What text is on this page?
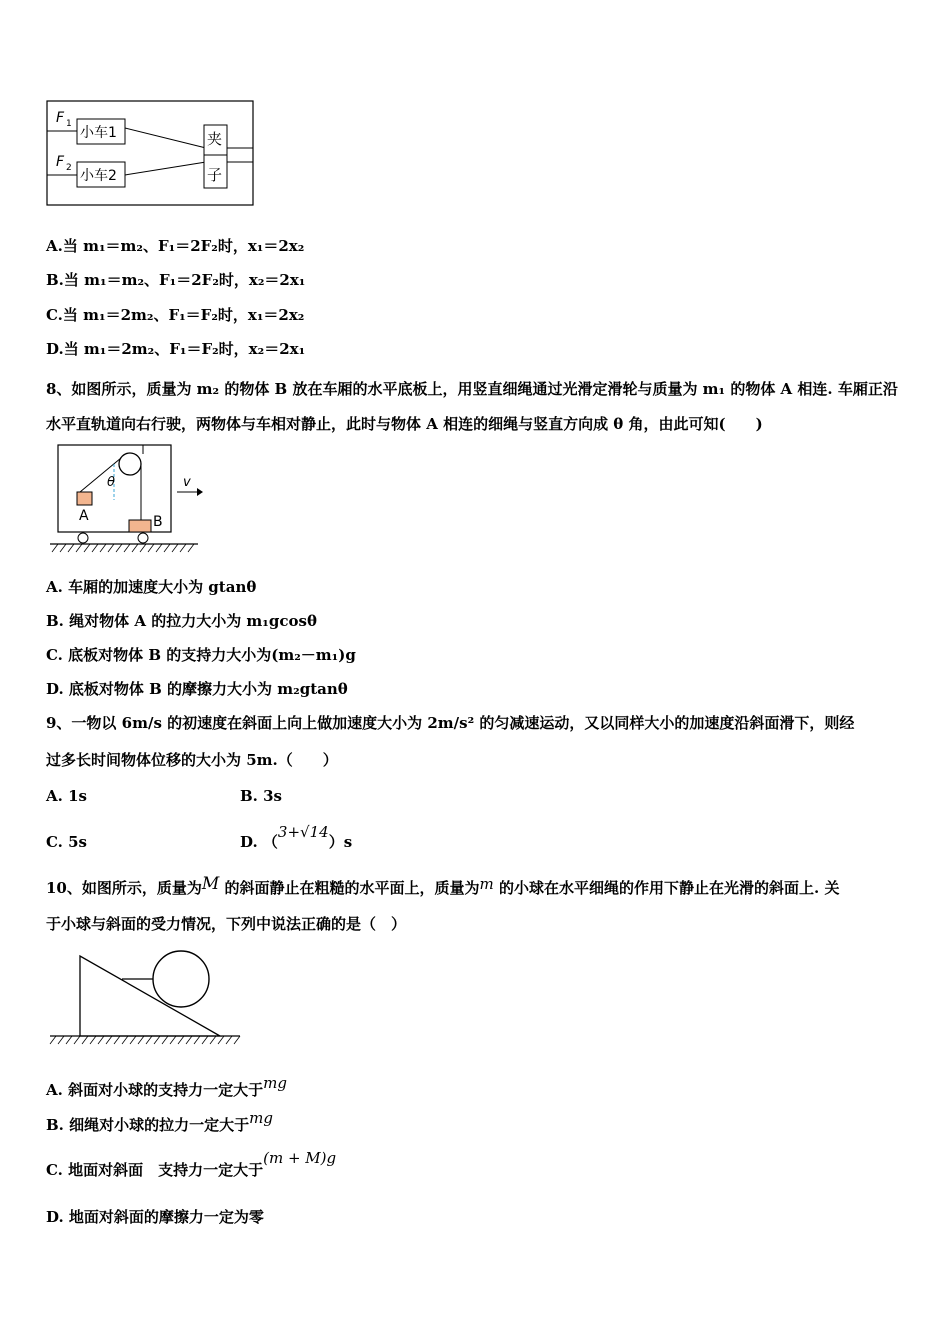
F 1
小车1
F 2 小车2
夹
子
A.当 m₁＝m₂、F₁＝2F₂时，x₁＝2x₂
B.当 m₁＝m₂、F₁＝2F₂时，x₂＝2x₁
C.当 m₁＝2m₂、F₁＝F₂时，x₁＝2x₂
D.当 m₁＝2m₂、F₁＝F₂时，x₂＝2x₁
8、如图所示，质量为 m₂ 的物体 B 放在车厢的水平底板上，用竖直细绳通过光滑定滑轮与质量为 m₁ 的物体 A 相连. 车厢正沿水平直轨道向右行驶，两物体与车相对静止，此时与物体 A 相连的细绳与竖直方向成 θ 角，由此可知(　　)
θ
A	B
v
A. 车厢的加速度大小为 gtanθ
B. 绳对物体 A 的拉力大小为 m₁gcosθ
C. 底板对物体 B 的支持力大小为(m₂－m₁)g
D. 底板对物体 B 的摩擦力大小为 m₂gtanθ
9、一物以 6m/s 的初速度在斜面上向上做加速度大小为 2m/s² 的匀减速运动，又以同样大小的加速度沿斜面滑下，则经
过多长时间物体位移的大小为 5m.（　　）
A. 1s	B. 3s
C. 5s	D. （3+√14）s
10、如图所示，质量为M 的斜面静止在粗糙的水平面上，质量为m 的小球在水平细绳的作用下静止在光滑的斜面上. 关
于小球与斜面的受力情况，下列中说法正确的是（　）
A. 斜面对小球的支持力一定大于mg
B. 细绳对小球的拉力一定大于mg
C. 地面对斜面　支持力一定大于(m + M)g
D. 地面对斜面的摩擦力一定为零
